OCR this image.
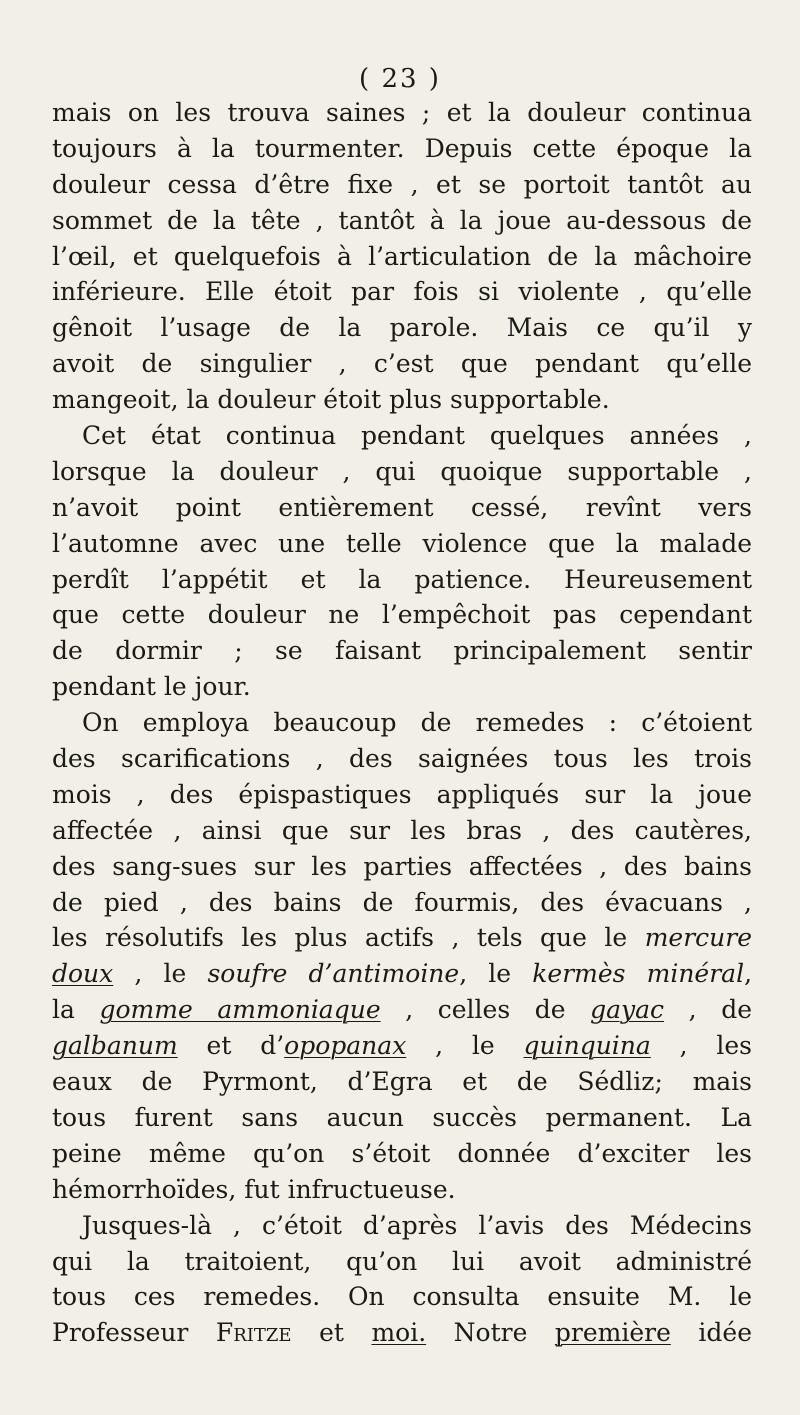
( 23 )
mais on les trouva saines ; et la douleur continua
toujours à la tourmenter. Depuis cette époque la
douleur cessa d’être fixe , et se portoit tantôt au
sommet de la tête , tantôt à la joue au-dessous de
l’œil, et quelquefois à l’articulation de la mâchoire
inférieure. Elle étoit par fois si violente , qu’elle
gênoit l’usage de la parole. Mais ce qu’il y
avoit de singulier , c’est que pendant qu’elle
mangeoit, la douleur étoit plus supportable.
Cet état continua pendant quelques années ,
lorsque la douleur , qui quoique supportable ,
n’avoit point entièrement cessé, revînt vers
l’automne avec une telle violence que la malade
perdît l’appétit et la patience. Heureusement
que cette douleur ne l’empêchoit pas cependant
de dormir ; se faisant principalement sentir
pendant le jour.
On employa beaucoup de remedes : c’étoient
des scarifications , des saignées tous les trois
mois , des épispastiques appliqués sur la joue
affectée , ainsi que sur les bras , des cautères,
des sang-sues sur les parties affectées , des bains
de pied , des bains de fourmis, des évacuans ,
les résolutifs les plus actifs , tels que le mercure
doux , le soufre d’antimoine, le kermès minéral,
la gomme ammoniaque , celles de gayac , de
galbanum et d’opopanax , le quinquina , les
eaux de Pyrmont, d’Egra et de Sédliz; mais
tous furent sans aucun succès permanent. La
peine même qu’on s’étoit donnée d’exciter les
hémorrhoïdes, fut infructueuse.
Jusques-là , c’étoit d’après l’avis des Médecins
qui la traitoient, qu’on lui avoit administré
tous ces remedes. On consulta ensuite M. le
Professeur Fritze et moi. Notre première idée
